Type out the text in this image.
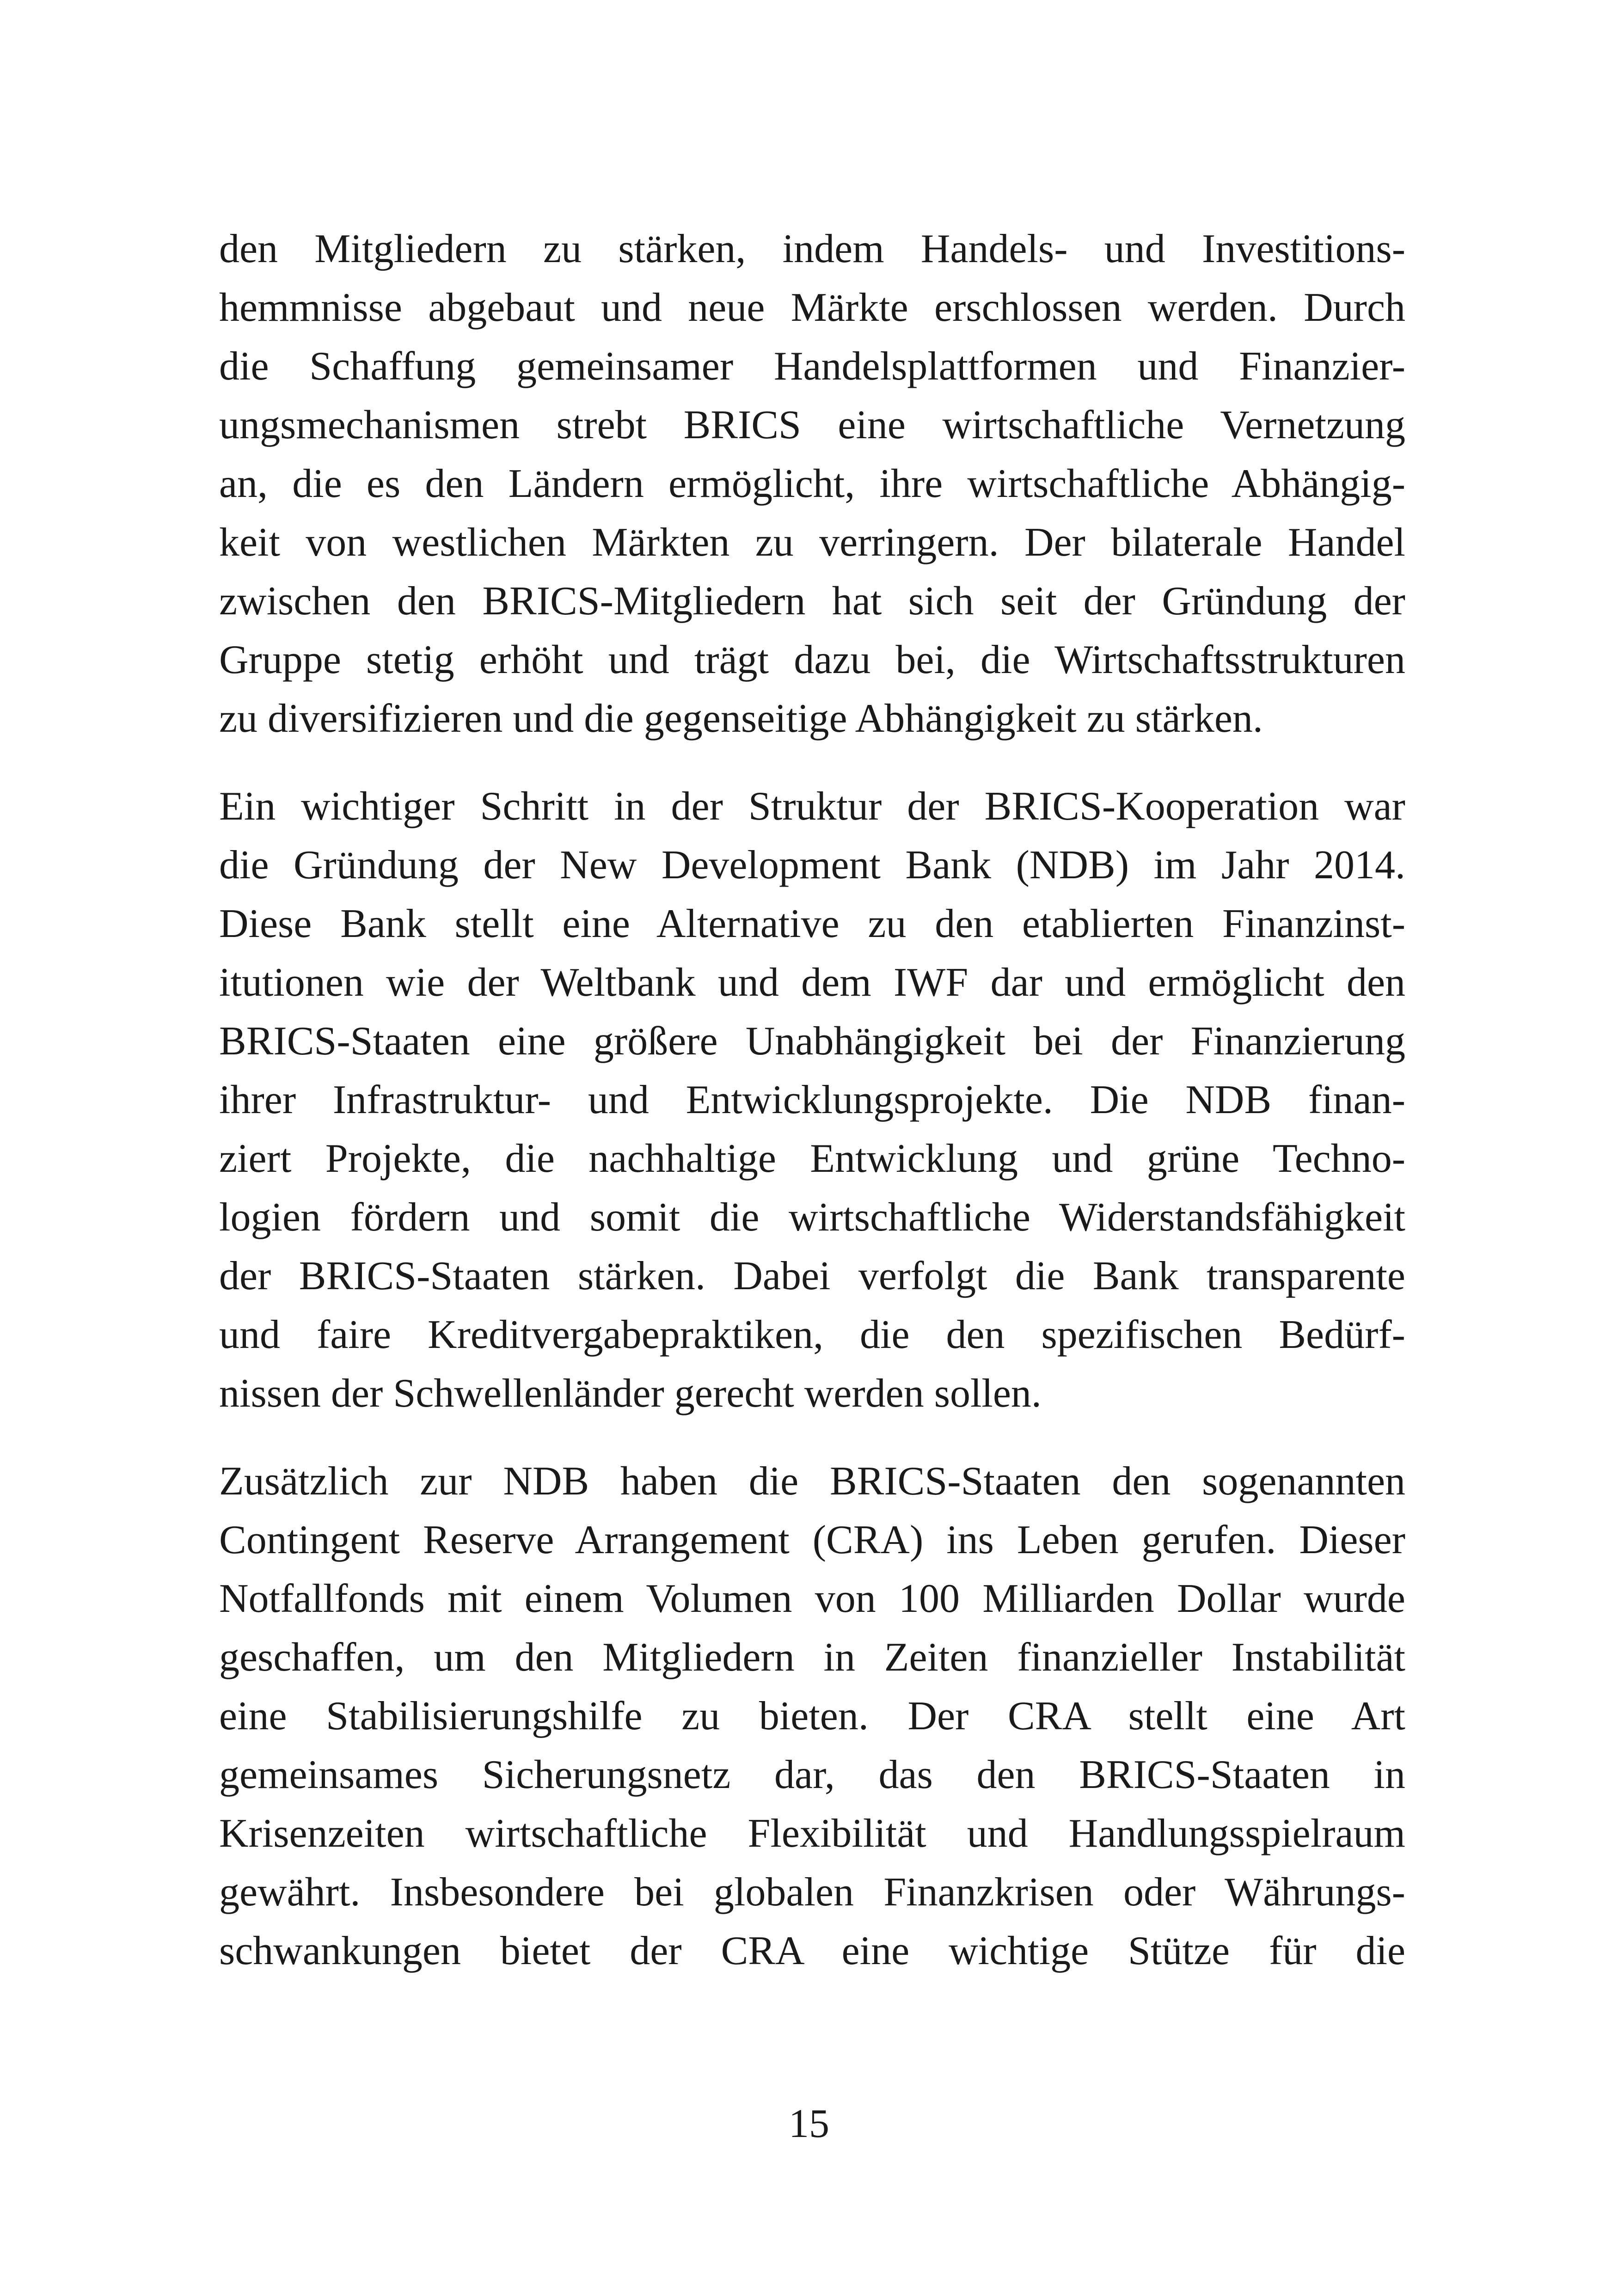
den Mitgliedern zu stärken, indem Handels- und Investitions-
hemmnisse abgebaut und neue Märkte erschlossen werden. Durch
die Schaffung gemeinsamer Handelsplattformen und Finanzier-
ungsmechanismen strebt BRICS eine wirtschaftliche Vernetzung
an, die es den Ländern ermöglicht, ihre wirtschaftliche Abhängig-
keit von westlichen Märkten zu verringern. Der bilaterale Handel
zwischen den BRICS-Mitgliedern hat sich seit der Gründung der
Gruppe stetig erhöht und trägt dazu bei, die Wirtschaftsstrukturen
zu diversifizieren und die gegenseitige Abhängigkeit zu stärken.

Ein wichtiger Schritt in der Struktur der BRICS-Kooperation war
die Gründung der New Development Bank (NDB) im Jahr 2014.
Diese Bank stellt eine Alternative zu den etablierten Finanzinst-
itutionen wie der Weltbank und dem IWF dar und ermöglicht den
BRICS-Staaten eine größere Unabhängigkeit bei der Finanzierung
ihrer Infrastruktur- und Entwicklungsprojekte. Die NDB finan-
ziert Projekte, die nachhaltige Entwicklung und grüne Techno-
logien fördern und somit die wirtschaftliche Widerstandsfähigkeit
der BRICS-Staaten stärken. Dabei verfolgt die Bank transparente
und faire Kreditvergabepraktiken, die den spezifischen Bedürf-
nissen der Schwellenländer gerecht werden sollen.

Zusätzlich zur NDB haben die BRICS-Staaten den sogenannten
Contingent Reserve Arrangement (CRA) ins Leben gerufen. Dieser
Notfallfonds mit einem Volumen von 100 Milliarden Dollar wurde
geschaffen, um den Mitgliedern in Zeiten finanzieller Instabilität
eine Stabilisierungshilfe zu bieten. Der CRA stellt eine Art
gemeinsames Sicherungsnetz dar, das den BRICS-Staaten in
Krisenzeiten wirtschaftliche Flexibilität und Handlungsspielraum
gewährt. Insbesondere bei globalen Finanzkrisen oder Währungs-
schwankungen bietet der CRA eine wichtige Stütze für die

15
